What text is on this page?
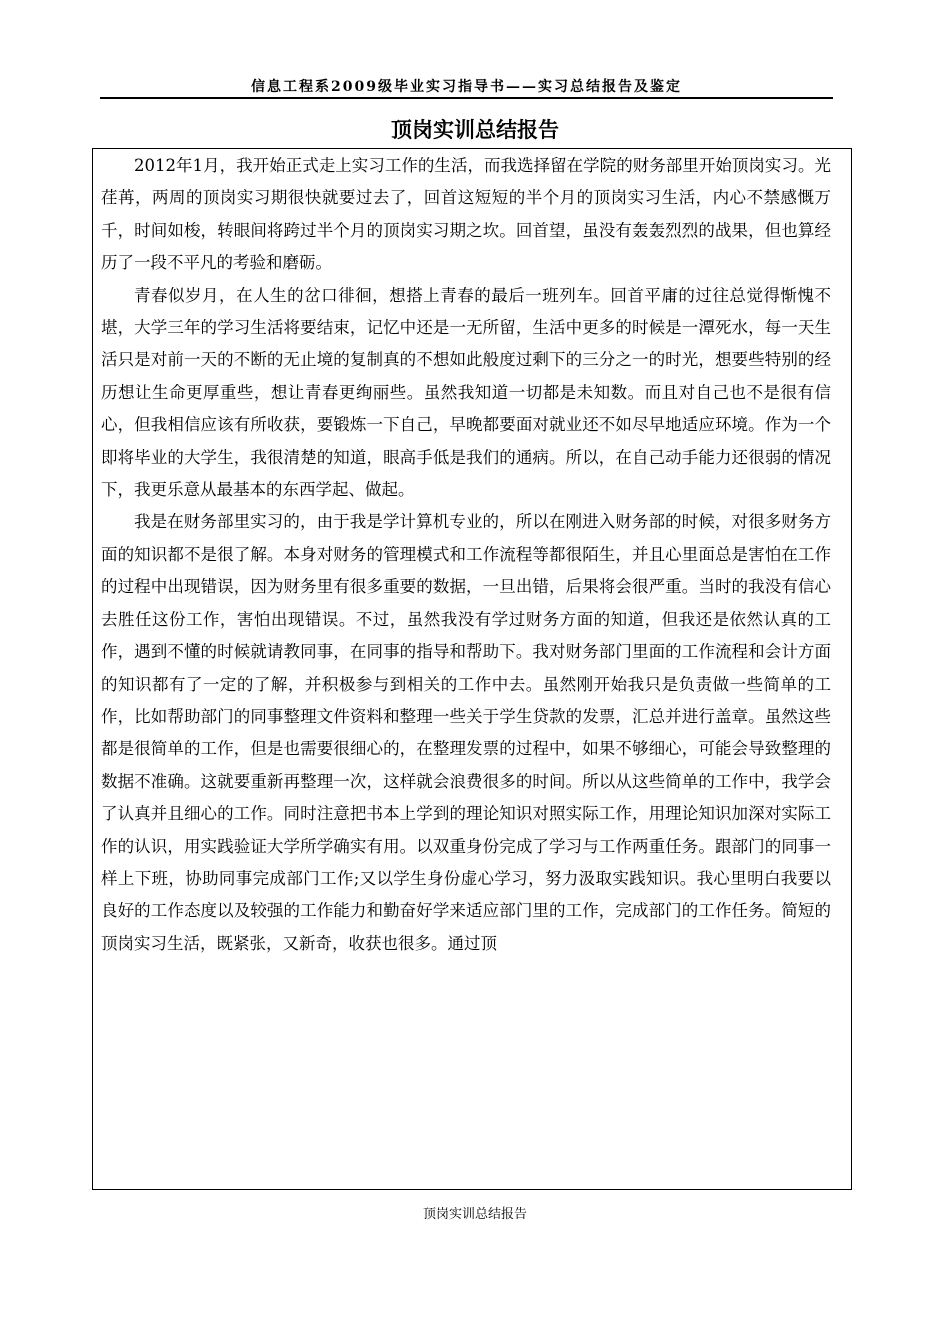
信息工程系2009级毕业实习指导书——实习总结报告及鉴定
顶岗实训总结报告

2012年1月，我开始正式走上实习工作的生活，而我选择留在学院的财务部里开始顶岗实习。光荏苒，两周的顶岗实习期很快就要过去了，回首这短短的半个月的顶岗实习生活，内心不禁感慨万千，时间如梭，转眼间将跨过半个月的顶岗实习期之坎。回首望，虽没有轰轰烈烈的战果，但也算经历了一段不平凡的考验和磨砺。

青春似岁月，在人生的岔口徘徊，想搭上青春的最后一班列车。回首平庸的过往总觉得惭愧不堪，大学三年的学习生活将要结束，记忆中还是一无所留，生活中更多的时候是一潭死水，每一天生活只是对前一天的不断的无止境的复制真的不想如此般度过剩下的三分之一的时光，想要些特别的经历想让生命更厚重些，想让青春更绚丽些。虽然我知道一切都是未知数。而且对自己也不是很有信心，但我相信应该有所收获，要锻炼一下自己，早晚都要面对就业还不如尽早地适应环境。作为一个即将毕业的大学生，我很清楚的知道，眼高手低是我们的通病。所以，在自己动手能力还很弱的情况下，我更乐意从最基本的东西学起、做起。

我是在财务部里实习的，由于我是学计算机专业的，所以在刚进入财务部的时候，对很多财务方面的知识都不是很了解。本身对财务的管理模式和工作流程等都很陌生，并且心里面总是害怕在工作的过程中出现错误，因为财务里有很多重要的数据，一旦出错，后果将会很严重。当时的我没有信心去胜任这份工作，害怕出现错误。不过，虽然我没有学过财务方面的知道，但我还是依然认真的工作，遇到不懂的时候就请教同事，在同事的指导和帮助下。我对财务部门里面的工作流程和会计方面的知识都有了一定的了解，并积极参与到相关的工作中去。虽然刚开始我只是负责做一些简单的工作，比如帮助部门的同事整理文件资料和整理一些关于学生贷款的发票，汇总并进行盖章。虽然这些都是很简单的工作，但是也需要很细心的，在整理发票的过程中，如果不够细心，可能会导致整理的数据不准确。这就要重新再整理一次，这样就会浪费很多的时间。所以从这些简单的工作中，我学会了认真并且细心的工作。同时注意把书本上学到的理论知识对照实际工作，用理论知识加深对实际工作的认识，用实践验证大学所学确实有用。以双重身份完成了学习与工作两重任务。跟部门的同事一样上下班，协助同事完成部门工作;又以学生身份虚心学习，努力汲取实践知识。我心里明白我要以良好的工作态度以及较强的工作能力和勤奋好学来适应部门里的工作，完成部门的工作任务。简短的顶岗实习生活，既紧张，又新奇，收获也很多。通过顶

顶岗实训总结报告
